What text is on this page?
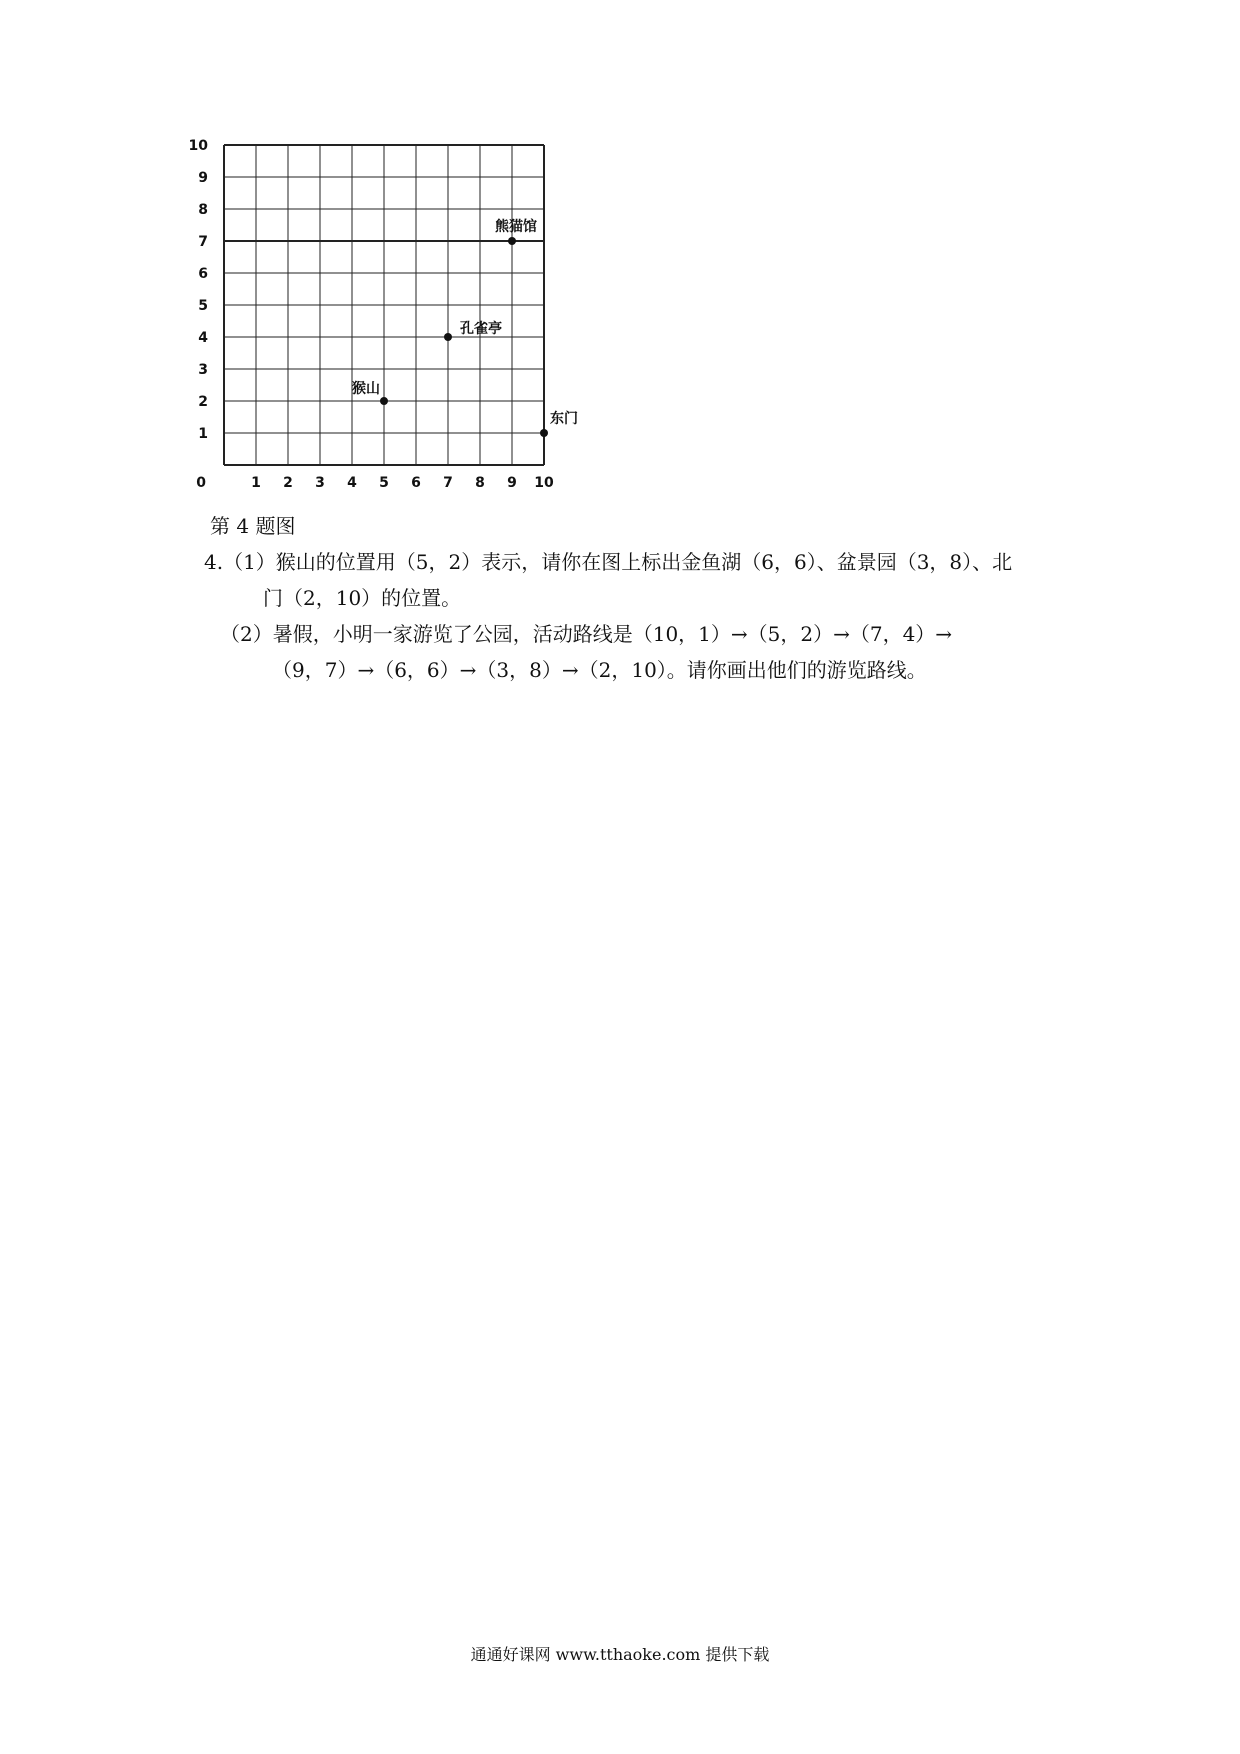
1 2 3 4 5 6 7 8 9 10
1
2
3
4
5
6
7
8
9
10
0
猴山
孔雀亭
熊猫馆
东门
第 4 题图
4.（1）猴山的位置用（5，2）表示，请你在图上标出金鱼湖（6，6）、盆景园（3，8）、北
门（2，10）的位置。
（2）暑假，小明一家游览了公园，活动路线是（10，1）→（5，2）→（7，4）→
（9，7）→（6，6）→（3，8）→（2，10）。请你画出他们的游览路线。
通通好课网 www.tthaoke.com 提供下载
